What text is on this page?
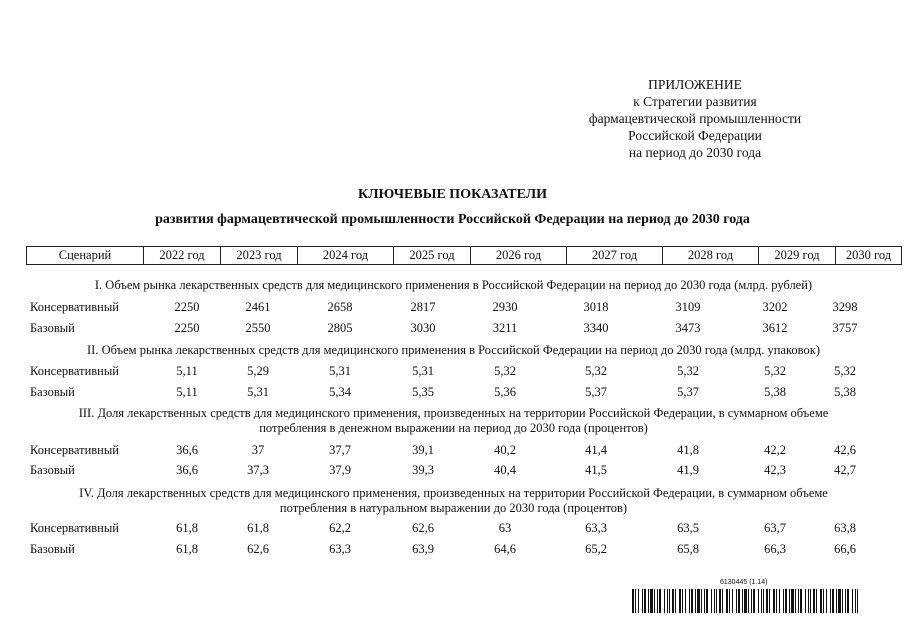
ПРИЛОЖЕНИЕ
к Стратегии развития
фармацевтической промышленности
Российской Федерации
на период до 2030 года
КЛЮЧЕВЫЕ ПОКАЗАТЕЛИ
развития фармацевтической промышленности Российской Федерации на период до 2030 года
Сценарий	2022 год	2023 год	2024 год	2025 год	2026 год	2027 год	2028 год	2029 год	2030 год
I. Объем рынка лекарственных средств для медицинского применения в Российской Федерации на период до 2030 года (млрд. рублей)
Консервативный	2250	2461	2658	2817	2930	3018	3109	3202	3298
Базовый	2250	2550	2805	3030	3211	3340	3473	3612	3757
II. Объем рынка лекарственных средств для медицинского применения в Российской Федерации на период до 2030 года (млрд. упаковок)
Консервативный	5,11	5,29	5,31	5,31	5,32	5,32	5,32	5,32	5,32
Базовый	5,11	5,31	5,34	5,35	5,36	5,37	5,37	5,38	5,38
III. Доля лекарственных средств для медицинского применения, произведенных на территории Российской Федерации, в суммарном объеме
потребления в денежном выражении на период до 2030 года (процентов)
Консервативный	36,6	37	37,7	39,1	40,2	41,4	41,8	42,2	42,6
Базовый	36,6	37,3	37,9	39,3	40,4	41,5	41,9	42,3	42,7
IV. Доля лекарственных средств для медицинского применения, произведенных на территории Российской Федерации, в суммарном объеме
потребления в натуральном выражении до 2030 года (процентов)
Консервативный	61,8	61,8	62,2	62,6	63	63,3	63,5	63,7	63,8
Базовый	61,8	62,6	63,3	63,9	64,6	65,2	65,8	66,3	66,6
6130445 (1.14)
